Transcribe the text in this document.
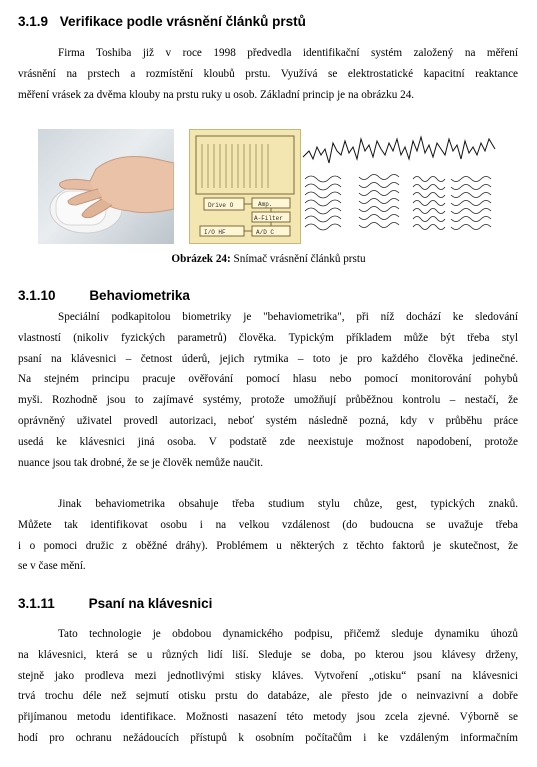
3.1.9 Verifikace podle vrásnění článků prstů
Firma Toshiba již v roce 1998 předvedla identifikační systém založený na měření
vrásnění na prstech a rozmístění kloubů prstu. Využívá se elektrostatické kapacitní reaktance
měření vrásek za dvěma klouby na prstu ruky u osob. Základní princip je na obrázku 24.
Drive O	Amp.
A-Filter
I/O HF	A/D C
Obrázek 24: Snímač vrásnění článků prstu
3.1.10	Behaviometrika
Speciální podkapitolou biometriky je "behaviometrika", při níž dochází ke sledování
vlastností (nikoliv fyzických parametrů) člověka. Typickým příkladem může být třeba styl
psaní na klávesnici – četnost úderů, jejich rytmika – toto je pro každého člověka jedinečné.
Na stejném principu pracuje ověřování pomocí hlasu nebo pomocí monitorování pohybů
myši. Rozhodně jsou to zajímavé systémy, protože umožňují průběžnou kontrolu – nestačí, že
oprávněný uživatel provedl autorizaci, neboť systém následně pozná, kdy v průběhu práce
usedá ke klávesnici jiná osoba. V podstatě zde neexistuje možnost napodobení, protože
nuance jsou tak drobné, že se je člověk nemůže naučit.
Jinak behaviometrika obsahuje třeba studium stylu chůze, gest, typických znaků.
Můžete tak identifikovat osobu i na velkou vzdálenost (do budoucna se uvažuje třeba
i o pomoci družic z oběžné dráhy). Problémem u některých z těchto faktorů je skutečnost, že
se v čase mění.
3.1.11	Psaní na klávesnici
Tato technologie je obdobou dynamického podpisu, přičemž sleduje dynamiku úhozů
na klávesnici, která se u různých lidí liší. Sleduje se doba, po kterou jsou klávesy drženy,
stejně jako prodleva mezi jednotlivými stisky kláves. Vytvoření „otisku“ psaní na klávesnici
trvá trochu déle než sejmutí otisku prstu do databáze, ale přesto jde o neinvazivní a dobře
přijímanou metodu identifikace. Možnosti nasazení této metody jsou zcela zjevné. Výborně se
hodí pro ochranu nežádoucích přístupů k osobním počítačům i ke vzdáleným informačním
